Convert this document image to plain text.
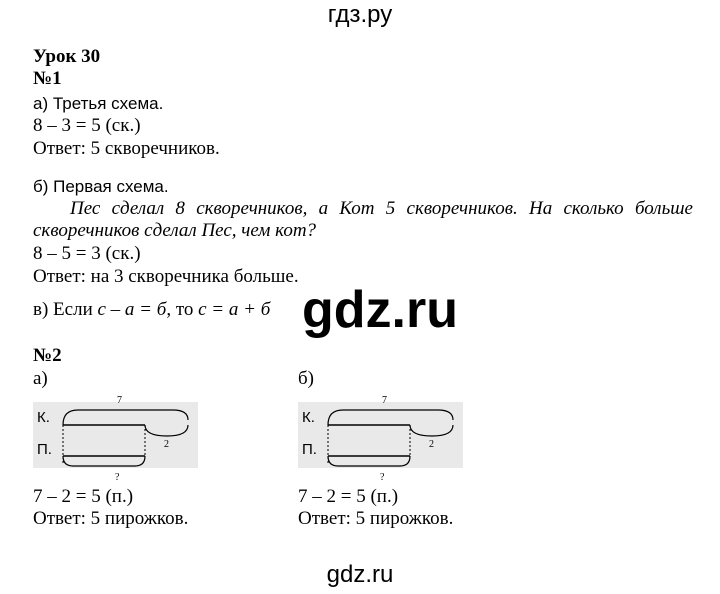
гдз.ру
Урок 30
№1
а) Третья схема.
8 – 3 = 5 (ск.)
Ответ: 5 скворечников.
б) Первая схема.
Пес сделал 8 скворечников, а Кот 5 скворечников. На сколько больше скворечников сделал Пес, чем кот?
8 – 5 = 3 (ск.)
Ответ: на 3 скворечника больше.
в) Если с – а = б, то с = а + б gdz.ru
№2
а)	б)
К.
П.
7
2
?
К.
П.
7
2
?
7 – 2 = 5 (п.)
Ответ: 5 пирожков.
7 – 2 = 5 (п.)
Ответ: 5 пирожков.
gdz.ru
